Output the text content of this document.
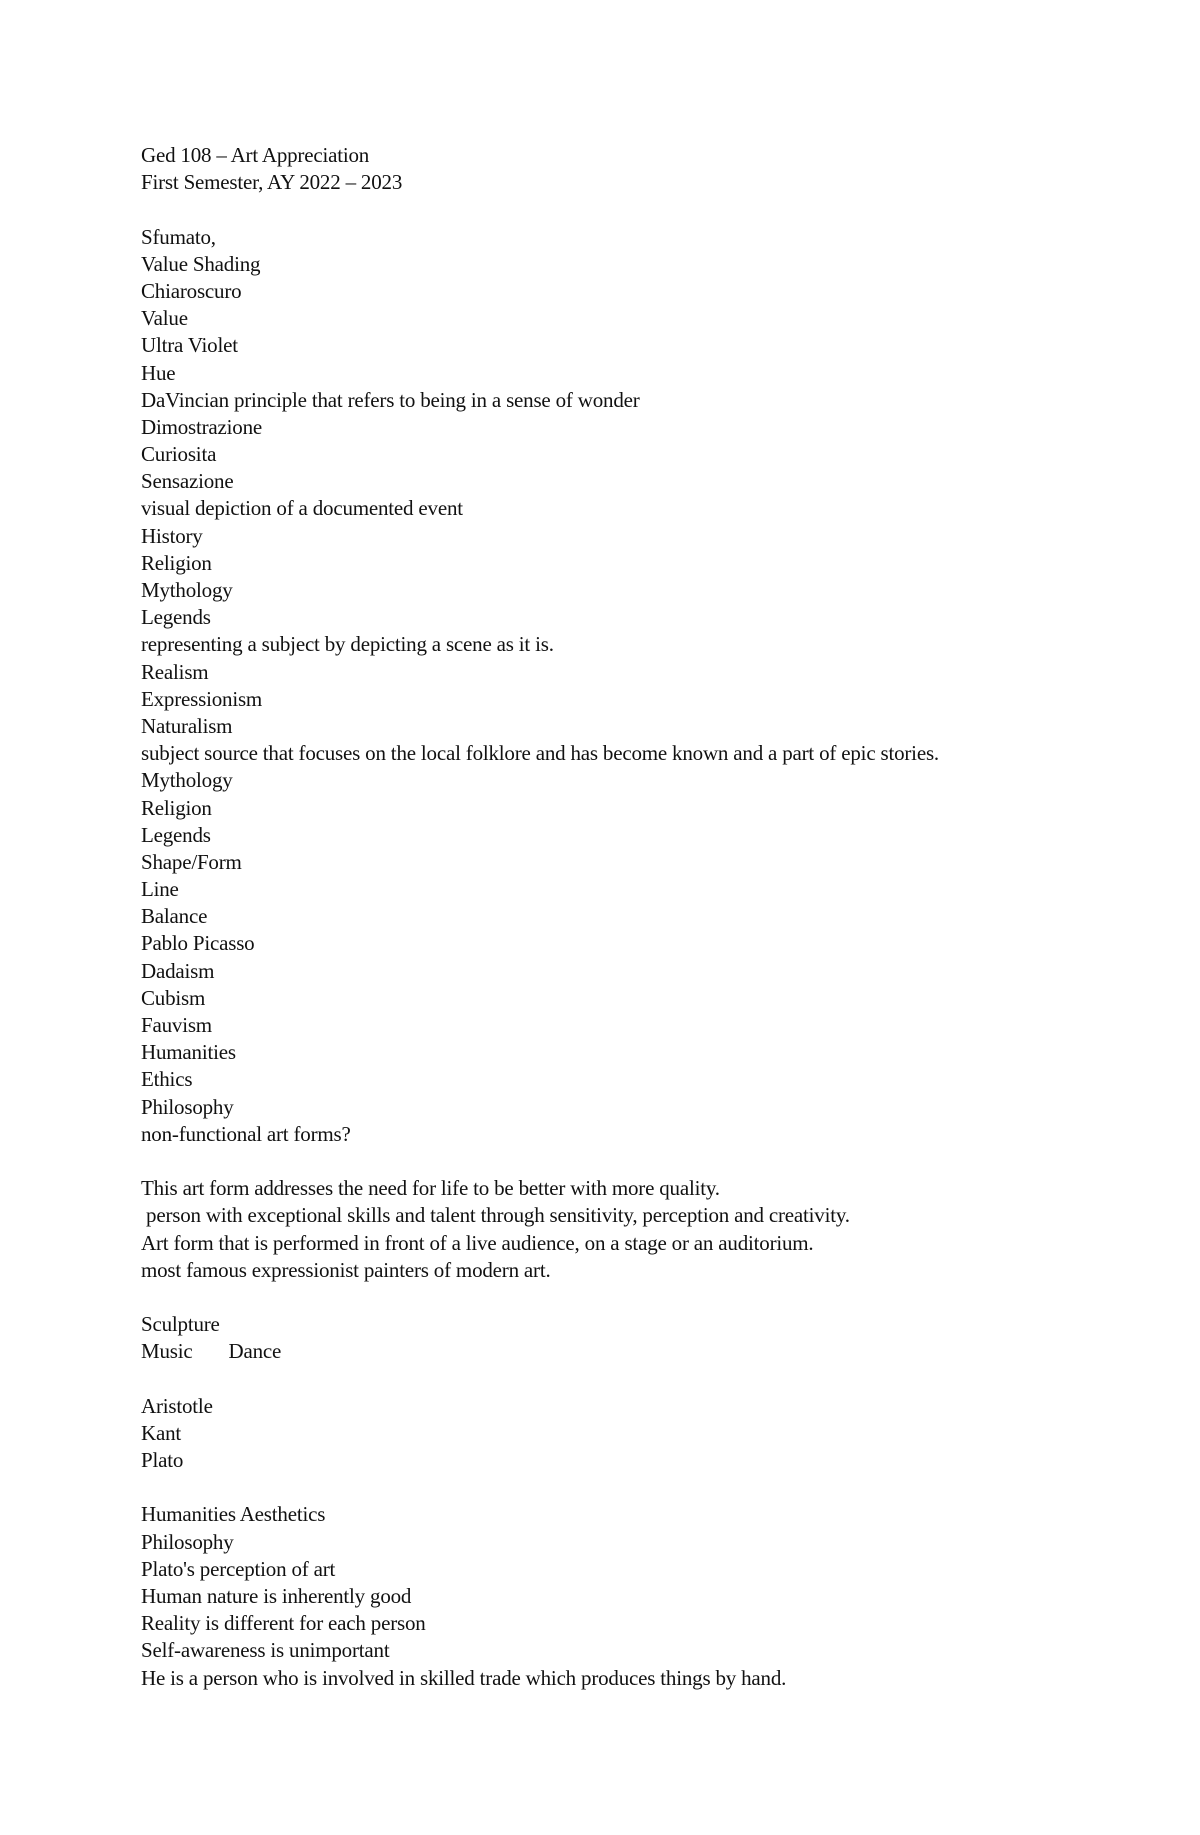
Ged 108 – Art Appreciation
First Semester, AY 2022 – 2023
Sfumato,
Value Shading
Chiaroscuro
Value
Ultra Violet
Hue
DaVincian principle that refers to being in a sense of wonder
Dimostrazione
Curiosita
Sensazione
visual depiction of a documented event
History
Religion
Mythology
Legends
representing a subject by depicting a scene as it is.
Realism
Expressionism
Naturalism
subject source that focuses on the local folklore and has become known and a part of epic stories.
Mythology
Religion
Legends
Shape/Form
Line
Balance
Pablo Picasso
Dadaism
Cubism
Fauvism
Humanities
Ethics
Philosophy
non-functional art forms?
This art form addresses the need for life to be better with more quality.
person with exceptional skills and talent through sensitivity, perception and creativity.
Art form that is performed in front of a live audience, on a stage or an auditorium.
most famous expressionist painters of modern art.
Sculpture
Music Dance
Aristotle
Kant
Plato
Humanities Aesthetics
Philosophy
Plato's perception of art
Human nature is inherently good
Reality is different for each person
Self-awareness is unimportant
He is a person who is involved in skilled trade which produces things by hand.
